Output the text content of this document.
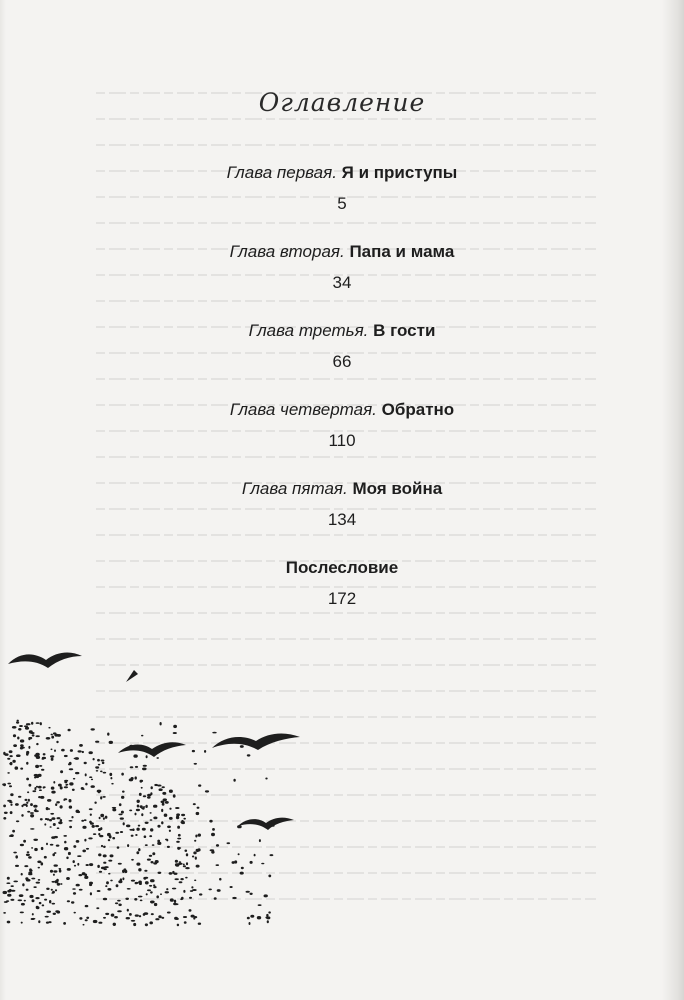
Оглавление
Глава первая. Я и приступы
5
Глава вторая. Папа и мама
34
Глава третья. В гости
66
Глава четвертая. Обратно
110
Глава пятая. Моя война
134
Послесловие
172
